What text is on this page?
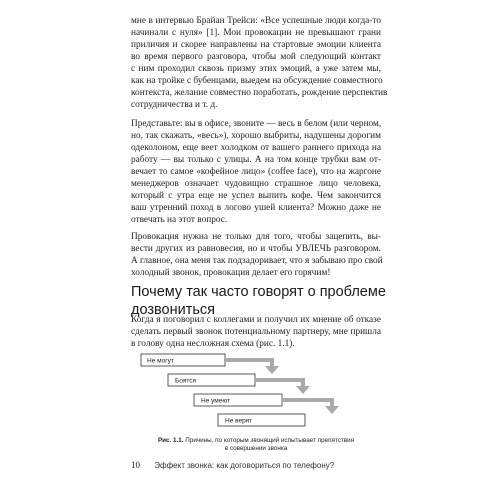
мне в интервью Брайан Трейси: «Все успешные люди когда-то
начинали с нуля» [1]. Мои провокации не превышают грани
приличия и скорее направлены на стартовые эмоции клиента
во время первого разговора, чтобы мой следующий контакт
с ним проходил сквозь призму этих эмоций, а уже затем мы,
как на тройке с бубенцами, выедем на обсуждение совместного
контекста, желание совместно поработать, рождение перспектив
сотрудничества и т. д.

Представьте: вы в офисе, звоните — весь в белом (или черном,
но, так скажать, «весь»), хорошо выбриты, надушены дорогим
одеколоном, еще веет холодком от вашего раннего прихода на
работу — вы только с улицы. А на том конце трубки вам от-
вечает то самое «кофейное лицо» (coffee face), что на жаргоне
менеджеров означает чудовищно страшное лицо человека,
который с утра еще не успел выпить кофе. Чем закончится
ваш утренний поход в логово ушей клиента? Можно даже не
отвечать на этот вопрос.

Провокация нужна не только для того, чтобы зацепить, вы-
вести других из равновесия, но и чтобы УВЛЕЧЬ разговором.
А главное, она меня так подзадоривает, что я забываю про свой
холодный звонок, провокация делает его горячим!

Почему так часто говорят о проблеме
дозвониться

Когда я поговорил с коллегами и получил их мнение об отказе
сделать первый звонок потенциальному партнеру, мне пришла
в голову одна несложная схема (рис. 1.1).

Не могут
Боятся
Не умеют
Не верят

Рис. 1.1. Причины, по которым звонящий испытывает препятствия
в совершении звонка

10 Эффект звонка: как договориться по телефону?
